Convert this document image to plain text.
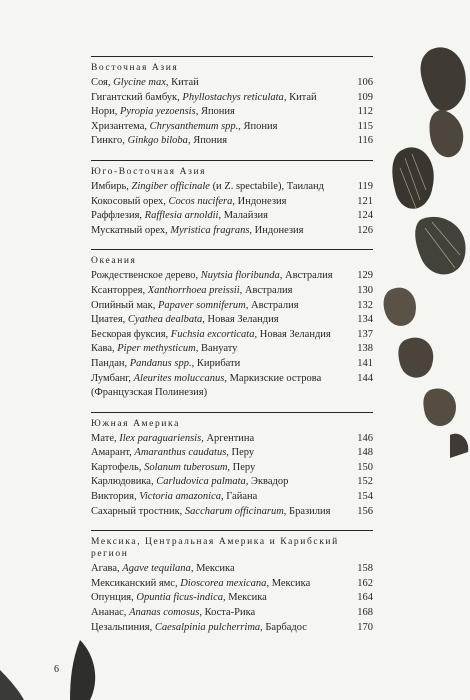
Восточная Азия
Соя, Glycine max, Китай	106
Гигантский бамбук, Phyllostachys reticulata, Китай	109
Нори, Pyropia yezoensis, Япония	112
Хризантема, Chrysanthemum spp., Япония	115
Гинкго, Ginkgo biloba, Япония	116
Юго-Восточная Азия
Имбирь, Zingiber officinale (и Z. spectabile), Таиланд	119
Кокосовый орех, Cocos nucifera, Индонезия	121
Раффлезия, Rafflesia arnoldii, Малайзия	124
Мускатный орех, Myristica fragrans, Индонезия	126
Океания
Рождественское дерево, Nuytsia floribunda, Австралия	129
Ксанторрея, Xanthorrhoea preissii, Австралия	130
Опийный мак, Papaver somniferum, Австралия	132
Циатея, Cyathea dealbata, Новая Зеландия	134
Бескорая фуксия, Fuchsia excorticata, Новая Зеландия	137
Кава, Piper methysticum, Вануату	138
Пандан, Pandanus spp., Кирибати	141
Лумбанг, Aleurites moluccanus, Маркизские острова
(Французская Полинезия)
144
Южная Америка
Мате, Ilex paraguariensis, Аргентина	146
Амарант, Amaranthus caudatus, Перу	148
Картофель, Solanum tuberosum, Перу	150
Карлюдовика, Carludovica palmata, Эквадор	152
Виктория, Victoria amazonica, Гайана	154
Сахарный тростник, Saccharum officinarum, Бразилия	156
Мексика, Центральная Америка и Карибский регион
Агава, Agave tequilana, Мексика	158
Мексиканский ямс, Dioscorea mexicana, Мексика	162
Опунция, Opuntia ficus-indica, Мексика	164
Ананас, Ananas comosus, Коста-Рика	168
Цезальпиния, Caesalpinia pulcherrima, Барбадос	170
6
